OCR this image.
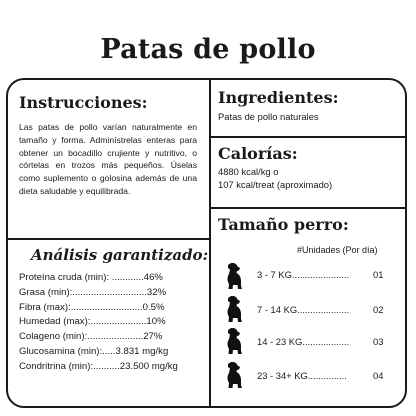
Patas de pollo
Instrucciones:
Las patas de pollo varían naturalmente en tamaño y forma. Adminístrelas enteras para obtener un bocadillo crujiente y nutritivo, o córtelas en trozos más pequeños. Úselas como suplemento o golosina además de una dieta saludable y equilibrada.
Ingredientes:
Patas de pollo naturales
Calorías:
4880 kcal/kg o
107 kcal/treat (aproximado)
Tamaño perro:
#Unidades (Por día)
3 - 7 KG......................	01
7 - 14 KG....................	02
14 - 23 KG..................	03
23 - 34+ KG...............	04
Análisis garantizado:
Proteína cruda (min): ............46%
Grasa (min):............................32%
Fibra (max):...........................0.5%
Humedad (max):.....................10%
Colageno (min):.....................27%
Glucosamina (min):.....3.831 mg/kg
Condritrina (min):..........23.500 mg/kg
